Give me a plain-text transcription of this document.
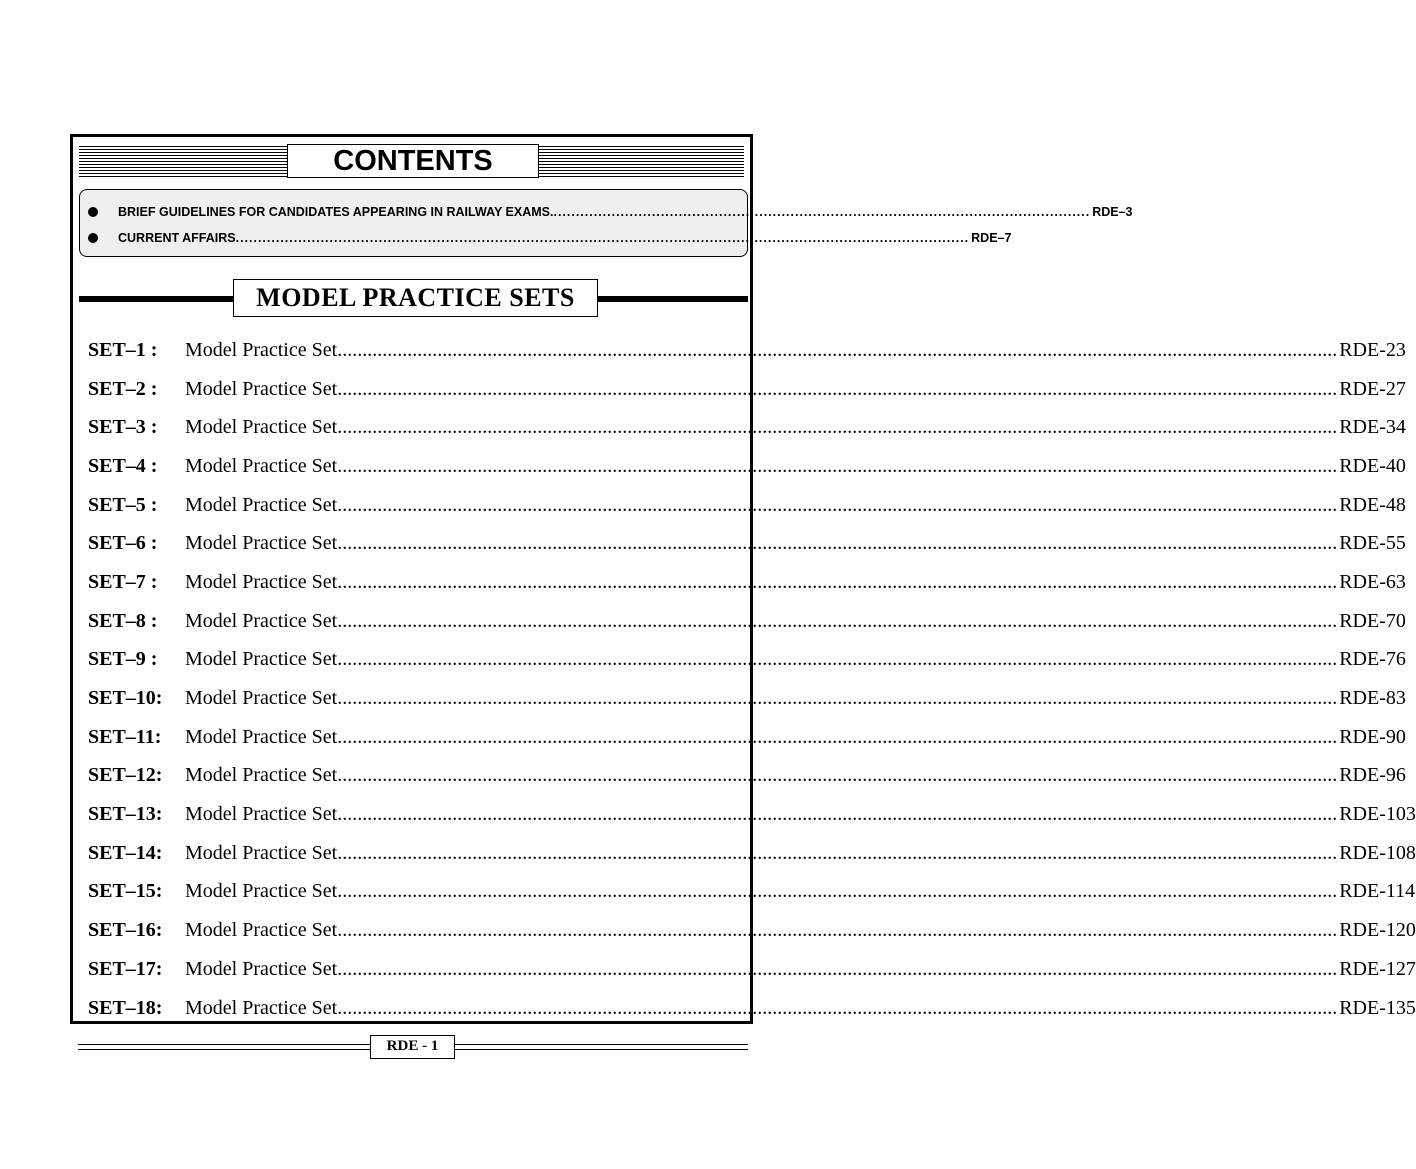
CONTENTS
BRIEF GUIDELINES FOR CANDIDATES APPEARING IN RAILWAY EXAMS. ........................................................................................................................ RDE–3
CURRENT AFFAIRS .................................................................................................................................................................... RDE–7
MODEL PRACTICE SETS
SET–1 :	Model Practice Set ........................................................................................................................................................................................................ RDE-23
SET–2 :	Model Practice Set ........................................................................................................................................................................................................ RDE-27
SET–3 :	Model Practice Set ........................................................................................................................................................................................................ RDE-34
SET–4 :	Model Practice Set ........................................................................................................................................................................................................ RDE-40
SET–5 :	Model Practice Set ........................................................................................................................................................................................................ RDE-48
SET–6 :	Model Practice Set ........................................................................................................................................................................................................ RDE-55
SET–7 :	Model Practice Set ........................................................................................................................................................................................................ RDE-63
SET–8 :	Model Practice Set ........................................................................................................................................................................................................ RDE-70
SET–9 :	Model Practice Set ........................................................................................................................................................................................................ RDE-76
SET–10:	Model Practice Set ........................................................................................................................................................................................................ RDE-83
SET–11:	Model Practice Set ........................................................................................................................................................................................................ RDE-90
SET–12:	Model Practice Set ........................................................................................................................................................................................................ RDE-96
SET–13:	Model Practice Set ........................................................................................................................................................................................................ RDE-103
SET–14:	Model Practice Set ........................................................................................................................................................................................................ RDE-108
SET–15:	Model Practice Set ........................................................................................................................................................................................................ RDE-114
SET–16:	Model Practice Set ........................................................................................................................................................................................................ RDE-120
SET–17:	Model Practice Set ........................................................................................................................................................................................................ RDE-127
SET–18:	Model Practice Set ........................................................................................................................................................................................................ RDE-135
RDE - 1
